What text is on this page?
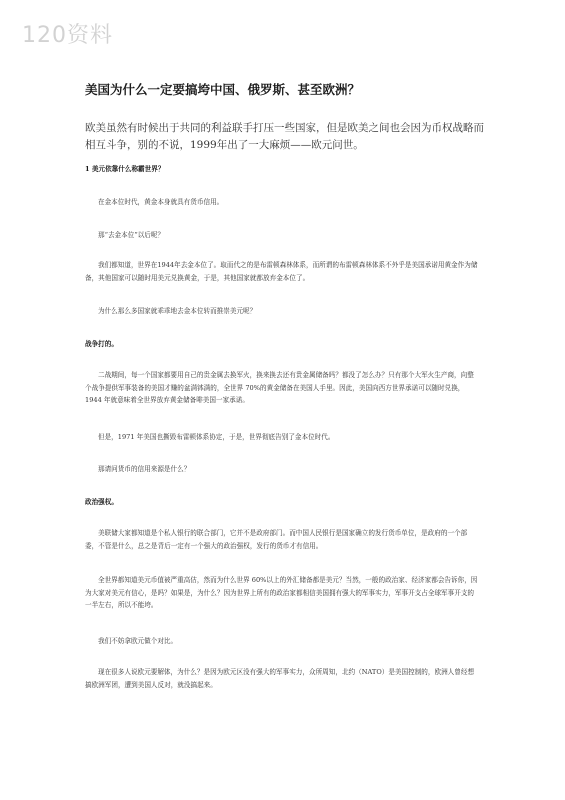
120资料
美国为什么一定要搞垮中国、俄罗斯、甚至欧洲？
欧美虽然有时候出于共同的利益联手打压一些国家，但是欧美之间也会因为币权战略而相互斗争，别的不说，1999年出了一大麻烦——欧元问世。
1 美元依靠什么称霸世界？
在金本位时代，黄金本身就具有货币信用。
那“去金本位”以后呢？
我们都知道，世界在1944年去金本位了。取而代之的是布雷顿森林体系，而所谓的布雷顿森林体系不外乎是美国承诺用黄金作为储备，其他国家可以随时用美元兑换黄金，于是，其他国家就都放弃金本位了。
为什么那么多国家就乖乖地去金本位转而推崇美元呢？
战争打的。
二战期间，每一个国家都要用自己的贵金属去换军火，换来换去还有贵金属储备吗？都没了怎么办？只有那个大军火生产商，向整个战争提供军事装备的美国才赚的盆满钵满的，全世界 70%的黄金储备在美国人手里。因此，美国向西方世界承诺可以随时兑换，1944 年就意味着全世界放弃黄金储备啡美国一家承诺。
但是，1971 年美国也撕毁布雷顿体系协定，于是，世界彻底告别了金本位时代。
那请问货币的信用来源是什么？
政治强权。
美联储大家都知道是个私人银行的联合部门，它并不是政府部门。而中国人民银行是国家确立的发行货币单位，是政府的一个部委，不管是什么，总之是背后一定有一个强大的政治强权，发行的货币才有信用。
全世界都知道美元币值被严重高估，然而为什么世界 60%以上的外汇储备都是美元？当然，一般的政治家、经济家都会告诉你，因为大家对美元有信心，是吗？如果是，为什么？因为世界上所有的政治家都相信美国拥有强大的军事实力，军事开支占全球军事开支的一半左右，所以不能垮。
我们不妨拿欧元做个对比。
现在很多人说欧元要解体，为什么？是因为欧元区没有强大的军事实力，众所周知，北约（NATO）是美国控制的，欧洲人曾经想搞欧洲军团，遭到美国人反对，就没搞起来。
